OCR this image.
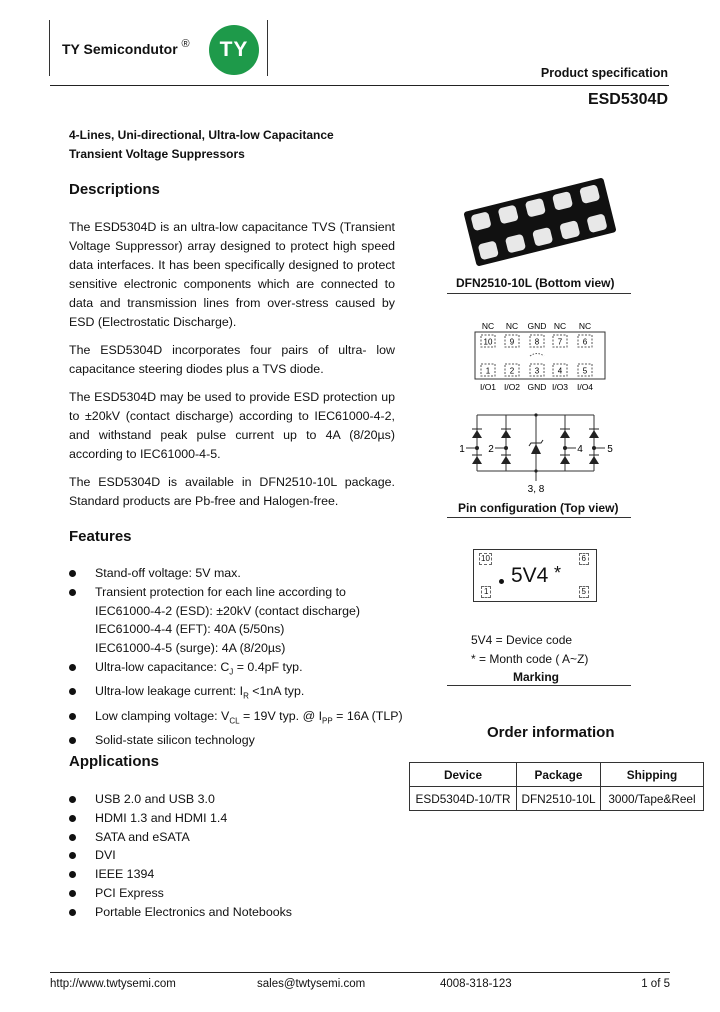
TY Semicondutor ® TY
Product specification
ESD5304D
4-Lines, Uni-directional, Ultra-low Capacitance
Transient Voltage Suppressors
Descriptions

The ESD5304D is an ultra-low capacitance TVS (Transient Voltage Suppressor) array designed to protect high speed data interfaces. It has been specifically designed to protect sensitive electronic components which are connected to data and transmission lines from over-stress caused by ESD (Electrostatic Discharge).

The ESD5304D incorporates four pairs of ultra- low capacitance steering diodes plus a TVS diode.

The ESD5304D may be used to provide ESD protection up to ±20kV (contact discharge) according to IEC61000-4-2, and withstand peak pulse current up to 4A (8/20µs) according to IEC61000-4-5.

The ESD5304D is available in DFN2510-10L package. Standard products are Pb-free and Halogen-free.

Features
Stand-off voltage: 5V max.
Transient protection for each line according to
IEC61000-4-2 (ESD): ±20kV (contact discharge)
IEC61000-4-4 (EFT): 40A (5/50ns)
IEC61000-4-5 (surge): 4A (8/20µs)
Ultra-low capacitance: $C_J = 0.4pF$ typ.
Ultra-low leakage current: $I_R <1nA$ typ.
Low clamping voltage: $V_{CL} = 19V$ typ. @ $I_{PP} = 16A$ (TLP)
Solid-state silicon technology
Applications
USB 2.0 and USB 3.0
HDMI 1.3 and HDMI 1.4
SATA and eSATA
DVI
IEEE 1394
PCI Express
Portable Electronics and Notebooks
DFN2510-10L (Bottom view)
NC NC GND NC NC
10 9	8 7	6
1 2	3 4	5
I/O1 I/O2 GND I/O3 I/O4
1 2	4 5
3, 8
Pin configuration (Top view)
10	6
1	5
5V4 *
5V4 = Device code
* = Month code ( A~Z)
Marking
Order information
Device	Package	Shipping
ESD5304D-10/TR	DFN2510-10L	3000/Tape&Reel
http://www.twtysemi.com	sales@twtysemi.com	4008-318-123	1 of 5
